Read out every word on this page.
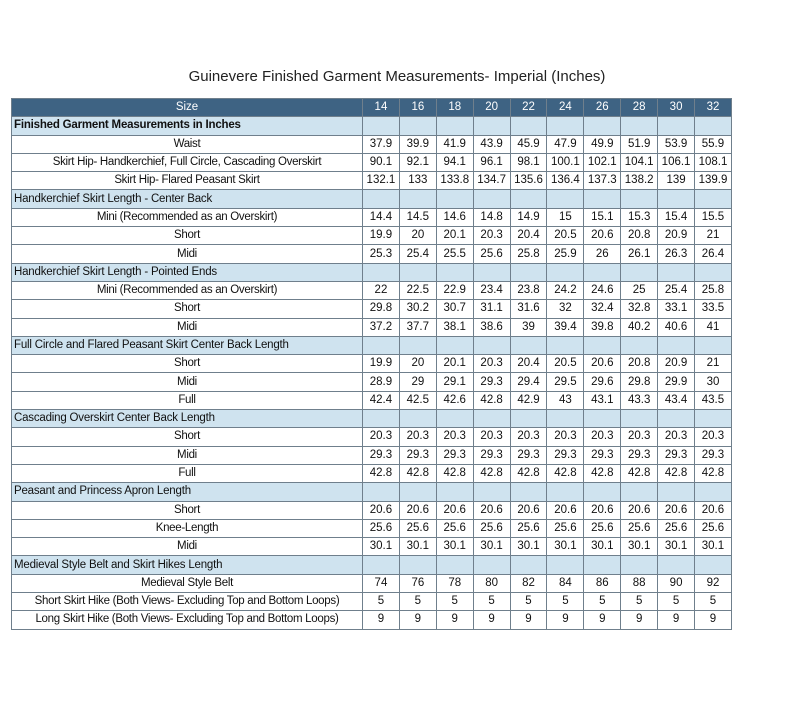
Guinevere Finished Garment Measurements- Imperial (Inches)
Size	14	16	18	20	22	24	26	28	30	32
Finished Garment Measurements in Inches										
Waist	37.9	39.9	41.9	43.9	45.9	47.9	49.9	51.9	53.9	55.9
Skirt Hip- Handkerchief, Full Circle, Cascading Overskirt	90.1	92.1	94.1	96.1	98.1	100.1	102.1	104.1	106.1	108.1
Skirt Hip- Flared Peasant Skirt	132.1	133	133.8	134.7	135.6	136.4	137.3	138.2	139	139.9
Handkerchief Skirt Length - Center Back										
Mini (Recommended as an Overskirt)	14.4	14.5	14.6	14.8	14.9	15	15.1	15.3	15.4	15.5
Short	19.9	20	20.1	20.3	20.4	20.5	20.6	20.8	20.9	21
Midi	25.3	25.4	25.5	25.6	25.8	25.9	26	26.1	26.3	26.4
Handkerchief Skirt Length - Pointed Ends										
Mini (Recommended as an Overskirt)	22	22.5	22.9	23.4	23.8	24.2	24.6	25	25.4	25.8
Short	29.8	30.2	30.7	31.1	31.6	32	32.4	32.8	33.1	33.5
Midi	37.2	37.7	38.1	38.6	39	39.4	39.8	40.2	40.6	41
Full Circle and Flared Peasant Skirt Center Back Length										
Short	19.9	20	20.1	20.3	20.4	20.5	20.6	20.8	20.9	21
Midi	28.9	29	29.1	29.3	29.4	29.5	29.6	29.8	29.9	30
Full	42.4	42.5	42.6	42.8	42.9	43	43.1	43.3	43.4	43.5
Cascading Overskirt Center Back Length										
Short	20.3	20.3	20.3	20.3	20.3	20.3	20.3	20.3	20.3	20.3
Midi	29.3	29.3	29.3	29.3	29.3	29.3	29.3	29.3	29.3	29.3
Full	42.8	42.8	42.8	42.8	42.8	42.8	42.8	42.8	42.8	42.8
Peasant and Princess Apron Length										
Short	20.6	20.6	20.6	20.6	20.6	20.6	20.6	20.6	20.6	20.6
Knee-Length	25.6	25.6	25.6	25.6	25.6	25.6	25.6	25.6	25.6	25.6
Midi	30.1	30.1	30.1	30.1	30.1	30.1	30.1	30.1	30.1	30.1
Medieval Style Belt and Skirt Hikes Length										
Medieval Style Belt	74	76	78	80	82	84	86	88	90	92
Short Skirt Hike (Both Views- Excluding Top and Bottom Loops)	5	5	5	5	5	5	5	5	5	5
Long Skirt Hike (Both Views- Excluding Top and Bottom Loops)	9	9	9	9	9	9	9	9	9	9
